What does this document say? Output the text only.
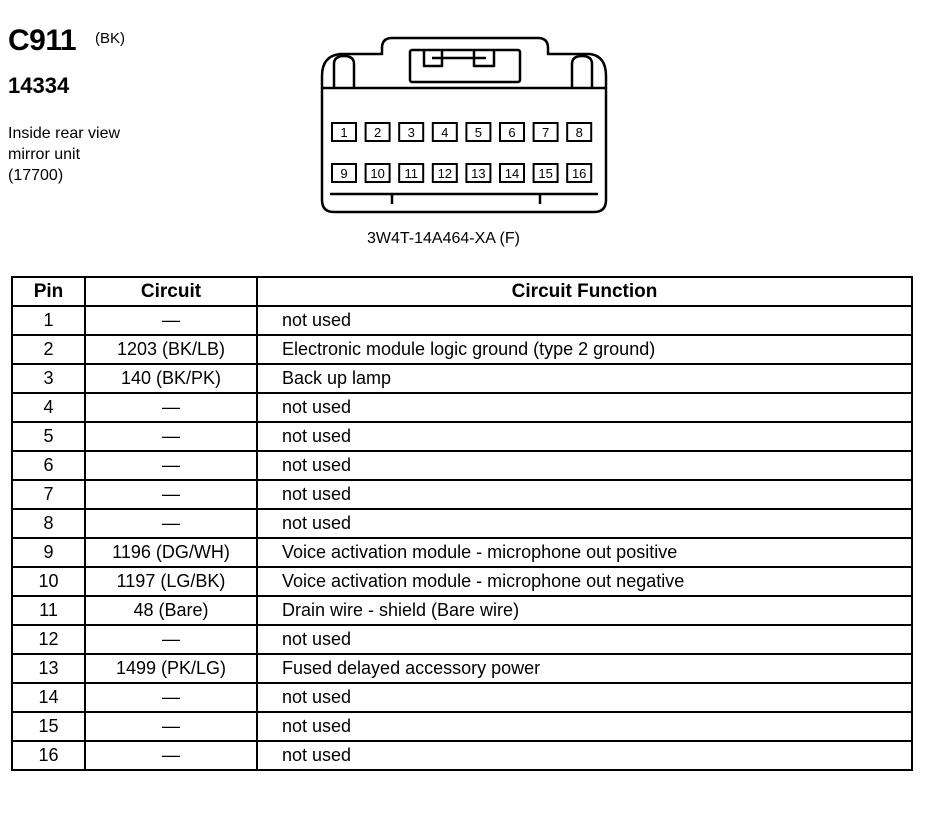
C911 (BK)
14334
Inside rear view
mirror unit
(17700)
1 2 3 4 5 6 7 8
9 10 11 12 13 14 15 16
3W4T-14A464-XA (F)
Pin	Circuit	Circuit Function
1	—	not used
2	1203 (BK/LB)	Electronic module logic ground (type 2 ground)
3	140 (BK/PK)	Back up lamp
4	—	not used
5	—	not used
6	—	not used
7	—	not used
8	—	not used
9	1196 (DG/WH)	Voice activation module - microphone out positive
10	1197 (LG/BK)	Voice activation module - microphone out negative
11	48 (Bare)	Drain wire - shield (Bare wire)
12	—	not used
13	1499 (PK/LG)	Fused delayed accessory power
14	—	not used
15	—	not used
16	—	not used
